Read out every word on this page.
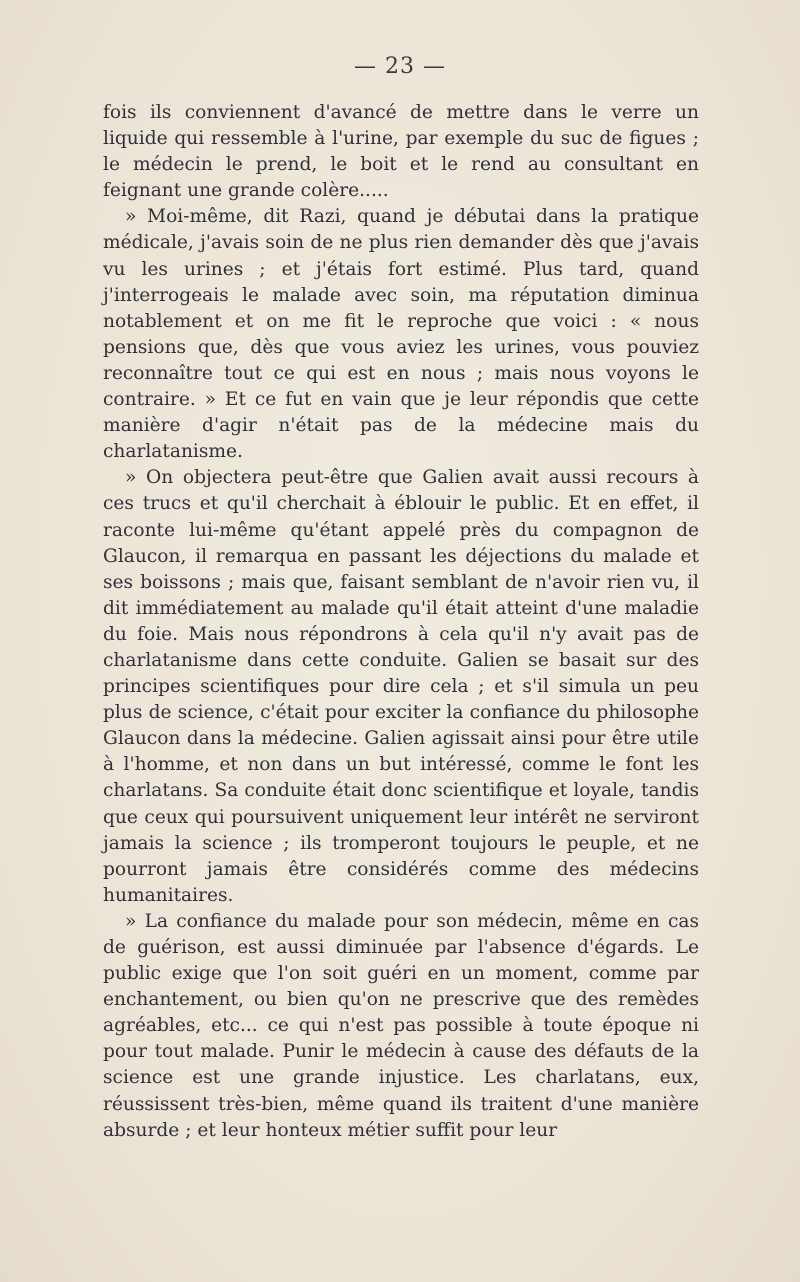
— 23 —

fois ils conviennent d'avancé de mettre dans le verre un liquide qui ressemble à l'urine, par exemple du suc de figues ; le médecin le prend, le boit et le rend au consultant en feignant une grande colère.....

» Moi-même, dit Razi, quand je débutai dans la pratique médicale, j'avais soin de ne plus rien demander dès que j'avais vu les urines ; et j'étais fort estimé. Plus tard, quand j'interrogeais le malade avec soin, ma réputation diminua notablement et on me fit le reproche que voici : « nous pensions que, dès que vous aviez les urines, vous pouviez reconnaître tout ce qui est en nous ; mais nous voyons le contraire. » Et ce fut en vain que je leur répondis que cette manière d'agir n'était pas de la médecine mais du charlatanisme.

» On objectera peut-être que Galien avait aussi recours à ces trucs et qu'il cherchait à éblouir le public. Et en effet, il raconte lui-même qu'étant appelé près du compagnon de Glaucon, il remarqua en passant les déjections du malade et ses boissons ; mais que, faisant semblant de n'avoir rien vu, il dit immédiatement au malade qu'il était atteint d'une maladie du foie. Mais nous répondrons à cela qu'il n'y avait pas de charlatanisme dans cette conduite. Galien se basait sur des principes scientifiques pour dire cela ; et s'il simula un peu plus de science, c'était pour exciter la confiance du philosophe Glaucon dans la médecine. Galien agissait ainsi pour être utile à l'homme, et non dans un but intéressé, comme le font les charlatans. Sa conduite était donc scientifique et loyale, tandis que ceux qui poursuivent uniquement leur intérêt ne serviront jamais la science ; ils tromperont toujours le peuple, et ne pourront jamais être considérés comme des médecins humanitaires.

» La confiance du malade pour son médecin, même en cas de guérison, est aussi diminuée par l'absence d'égards. Le public exige que l'on soit guéri en un moment, comme par enchantement, ou bien qu'on ne prescrive que des remèdes agréables, etc... ce qui n'est pas possible à toute époque ni pour tout malade. Punir le médecin à cause des défauts de la science est une grande injustice. Les charlatans, eux, réussissent très-bien, même quand ils traitent d'une manière absurde ; et leur honteux métier suffit pour leur
